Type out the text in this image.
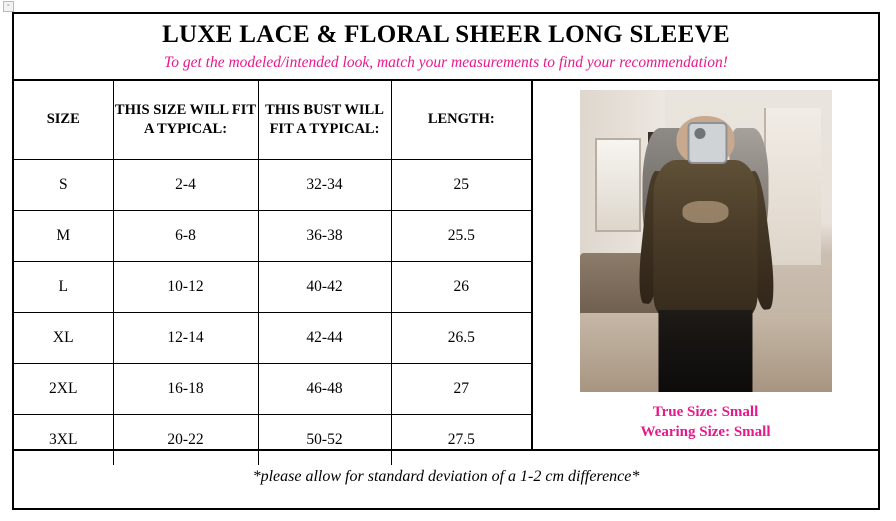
▫
LUXE LACE & FLORAL SHEER LONG SLEEVE
To get the modeled/intended look, match your measurements to find your recommendation!
SIZE	THIS SIZE WILL FIT A TYPICAL:	THIS BUST WILL FIT A TYPICAL:	LENGTH:
S	2-4	32-34	25
M	6-8	36-38	25.5
L	10-12	40-42	26
XL	12-14	42-44	26.5
2XL	16-18	46-48	27
3XL	20-22	50-52	27.5
True Size: Small
Wearing Size: Small
*please allow for standard deviation of a 1-2 cm difference*
